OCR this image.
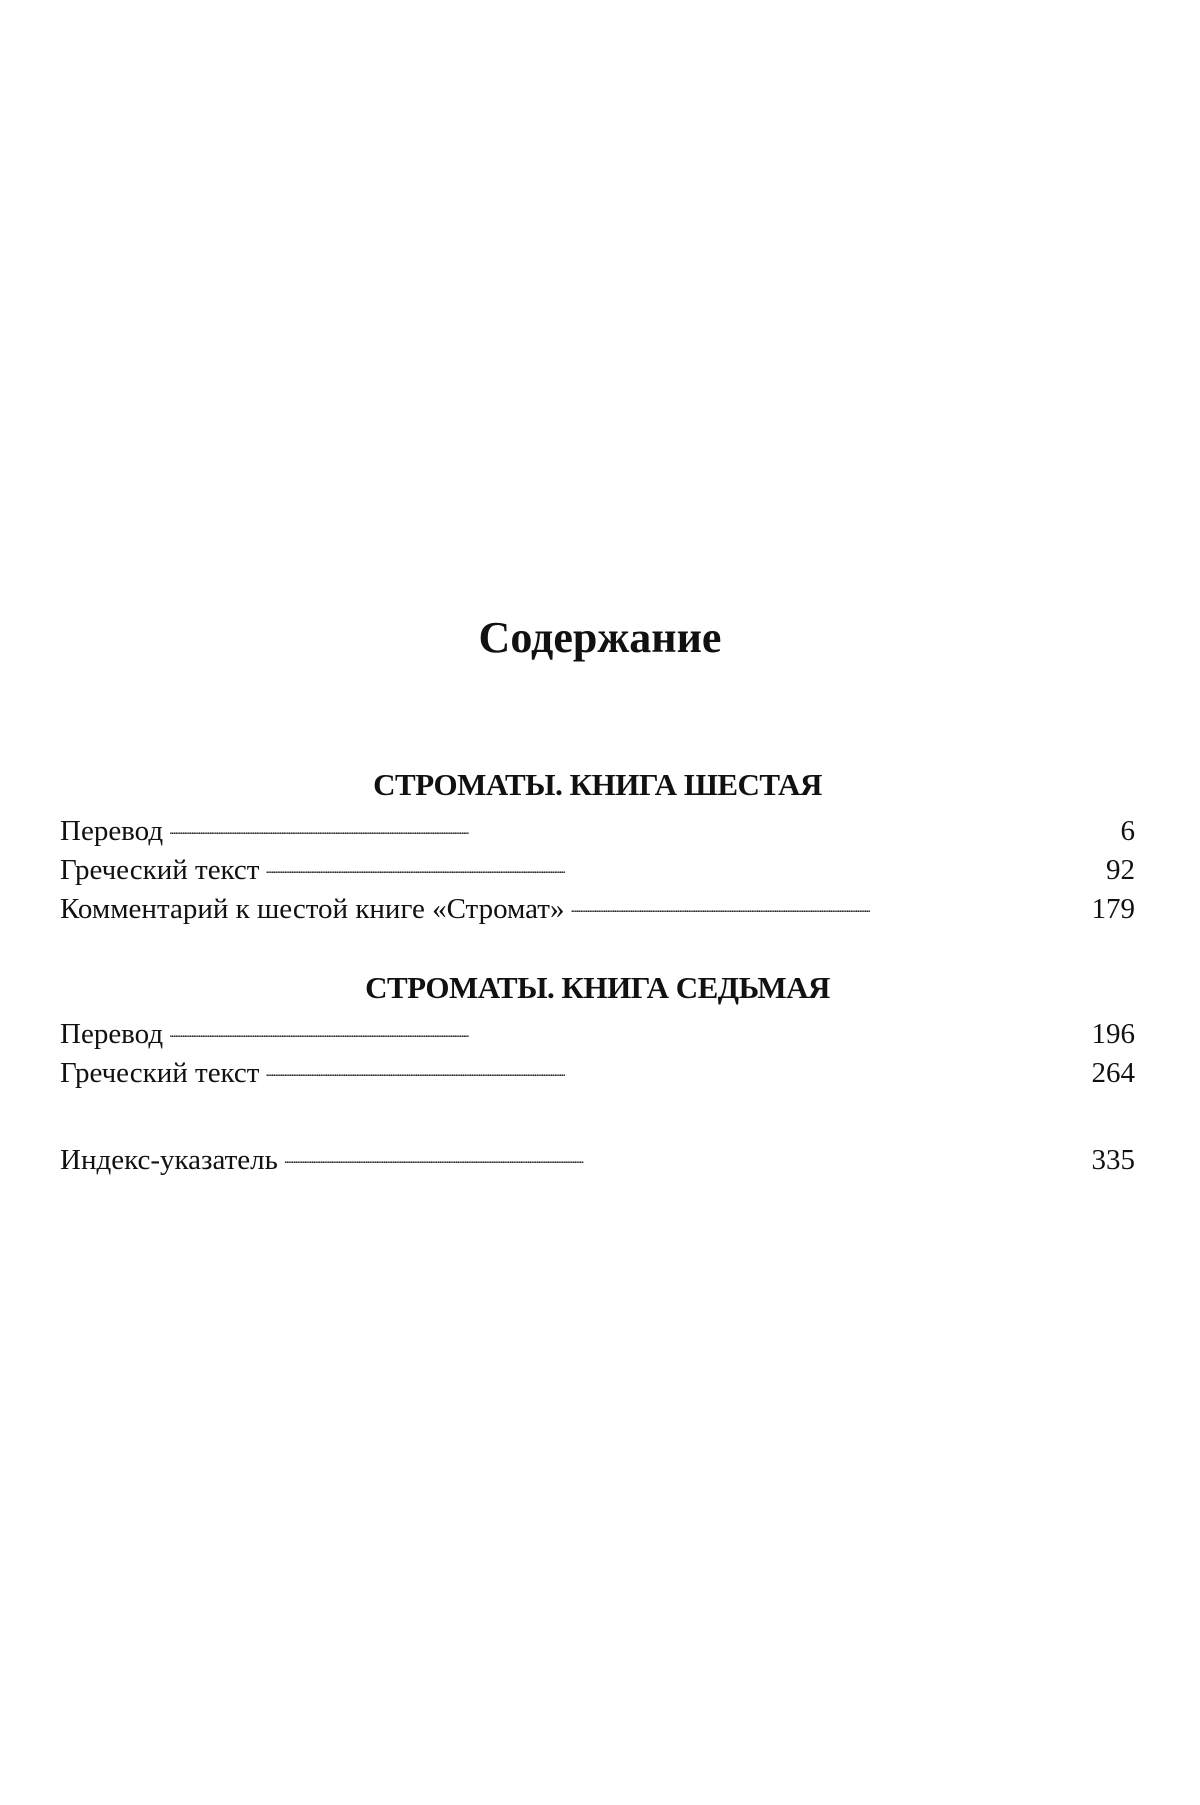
Содержание
СТРОМАТЫ. КНИГА ШЕСТАЯ
Перевод . . .	6
Греческий текст . . .	92
Комментарий к шестой книге «Стромат» . . .	179
СТРОМАТЫ. КНИГА СЕДЬМАЯ
Перевод . . .	196
Греческий текст . . .	264
Индекс-указатель . . .	335
